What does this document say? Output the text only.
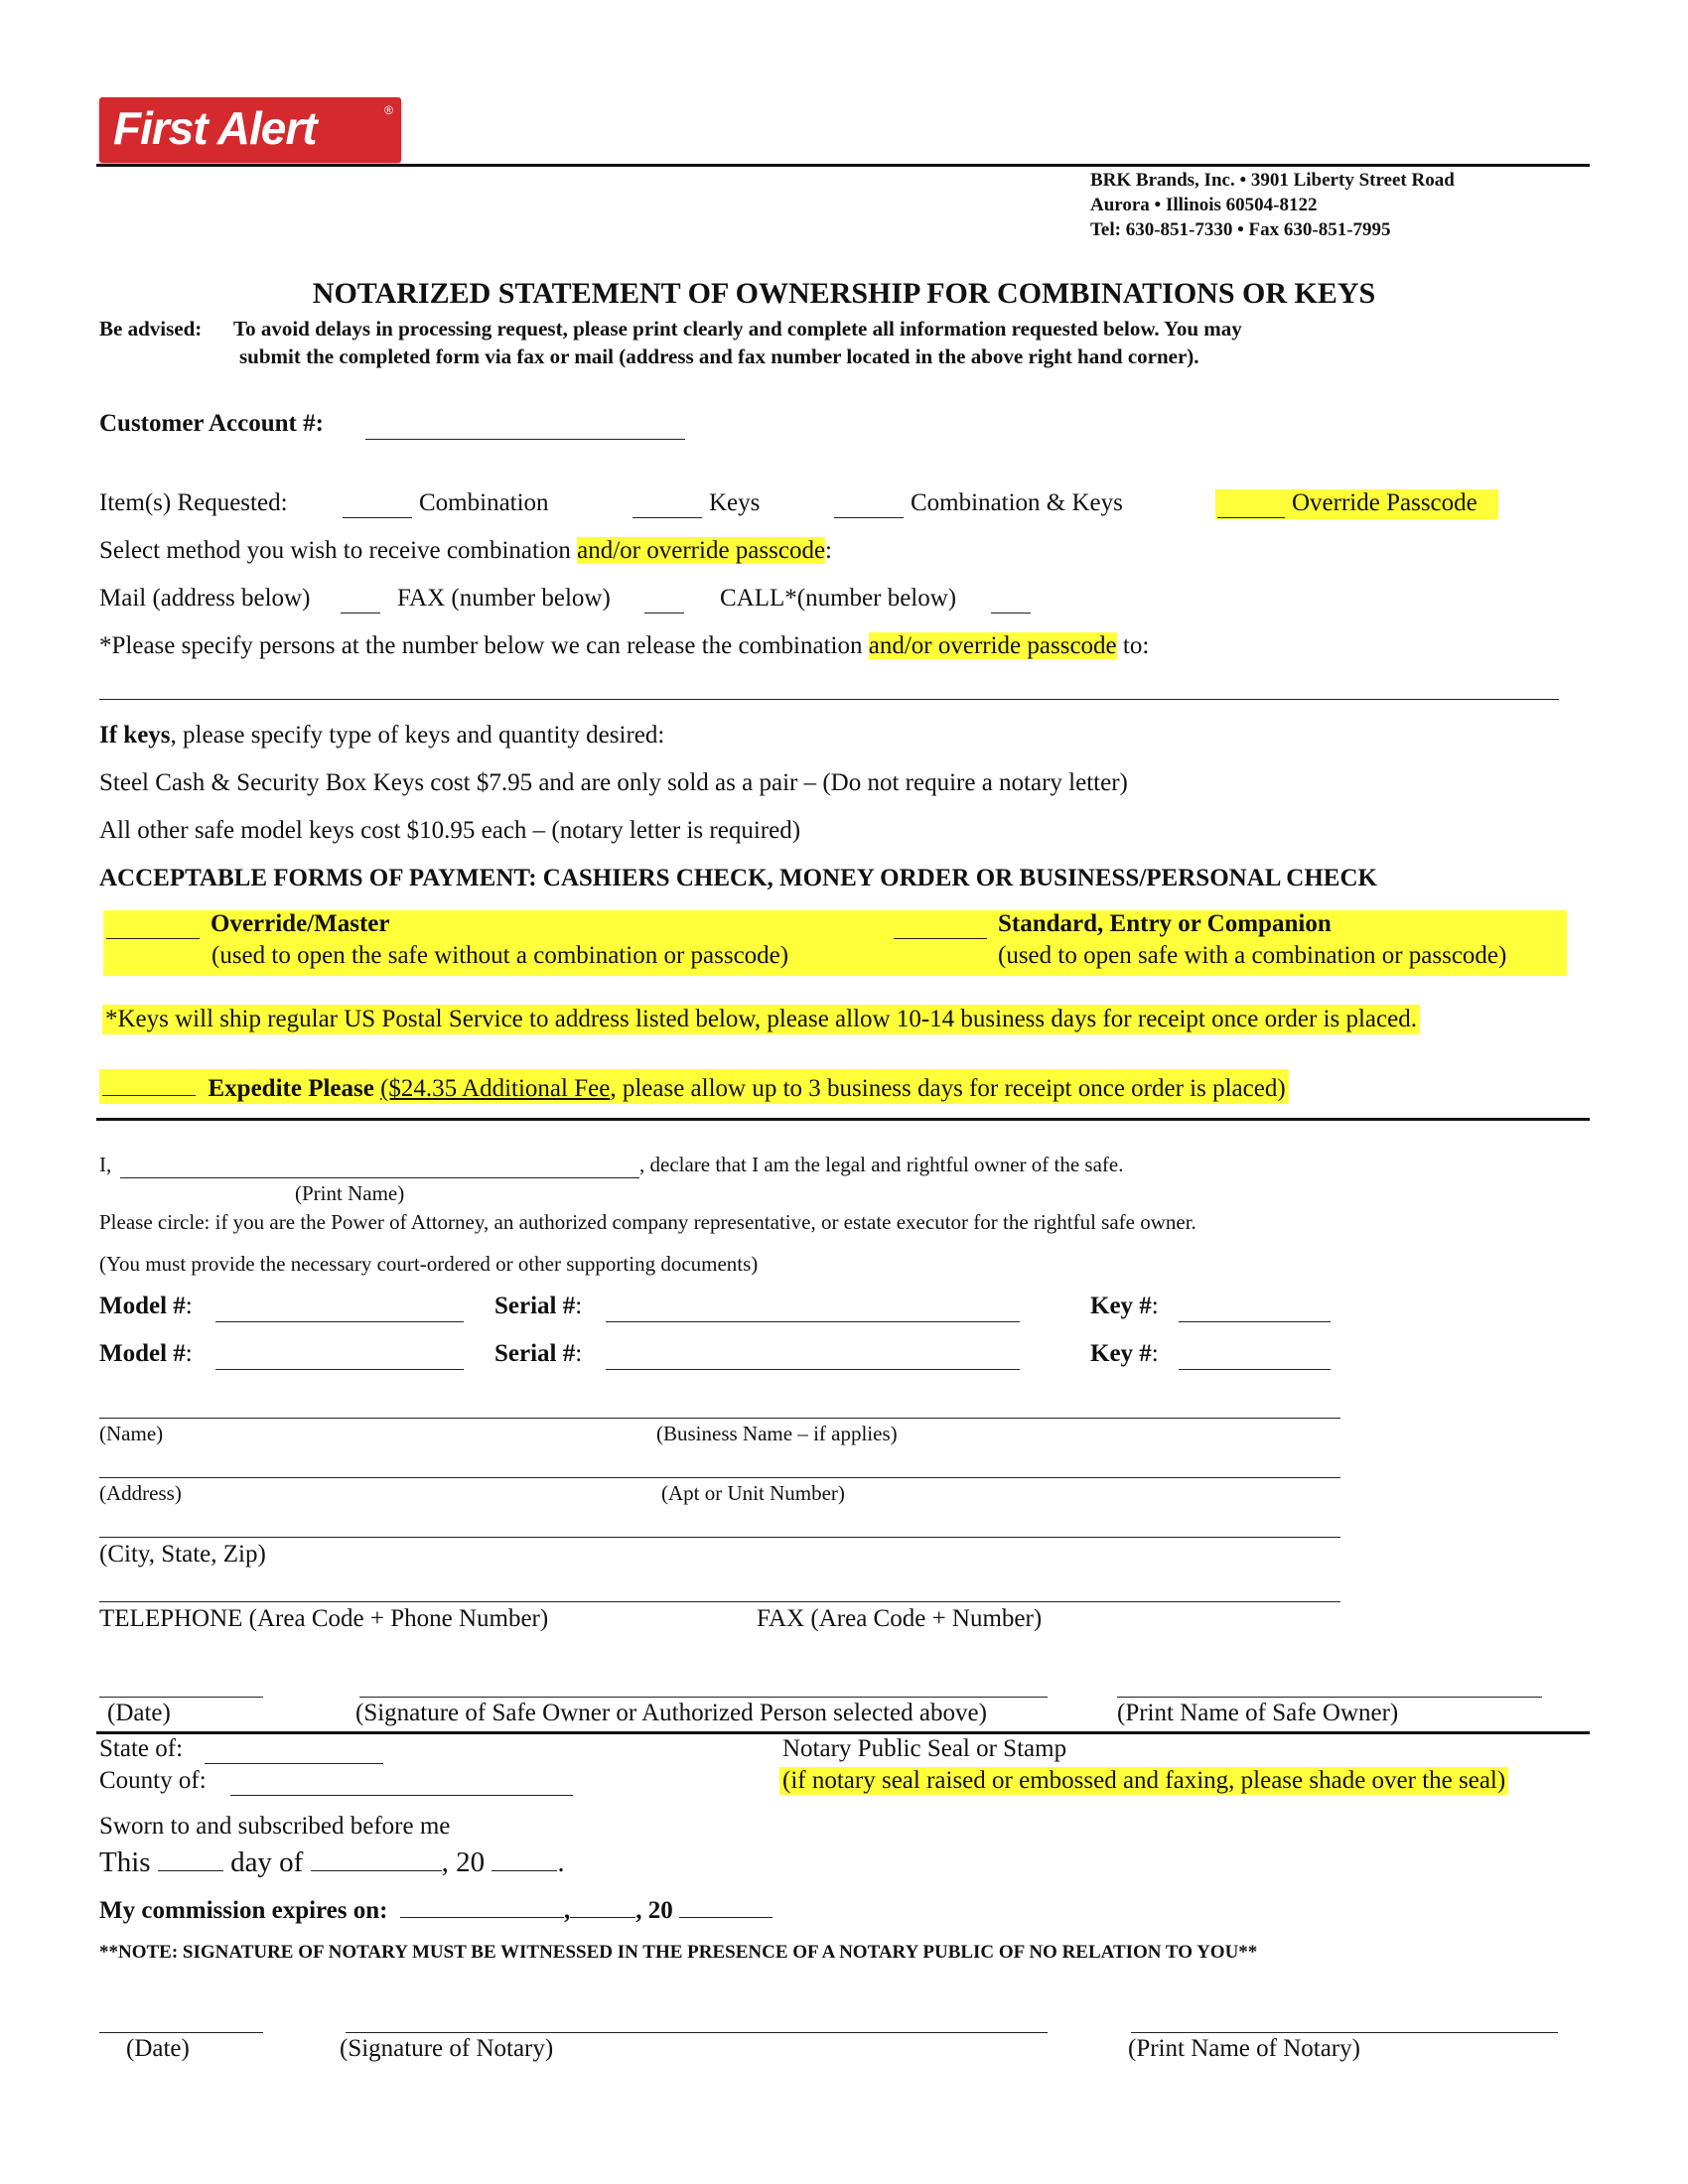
First Alert	®
BRK Brands, Inc. • 3901 Liberty Street Road
Aurora • Illinois 60504-8122
Tel: 630-851-7330 • Fax 630-851-7995
NOTARIZED STATEMENT OF OWNERSHIP FOR COMBINATIONS OR KEYS
Be advised: To avoid delays in processing request, please print clearly and complete all information requested below. You may
submit the completed form via fax or mail (address and fax number located in the above right hand corner).
Customer Account #:
Item(s) Requested:	Combination	Keys	Combination & Keys	Override Passcode
Select method you wish to receive combination and/or override passcode:
Mail (address below)	FAX (number below)	CALL*(number below)
*Please specify persons at the number below we can release the combination and/or override passcode to:
If keys, please specify type of keys and quantity desired:
Steel Cash & Security Box Keys cost $7.95 and are only sold as a pair – (Do not require a notary letter)
All other safe model keys cost $10.95 each – (notary letter is required)
ACCEPTABLE FORMS OF PAYMENT: CASHIERS CHECK, MONEY ORDER OR BUSINESS/PERSONAL CHECK
Override/Master
(used to open the safe without a combination or passcode)
Standard, Entry or Companion
(used to open safe with a combination or passcode)
*Keys will ship regular US Postal Service to address listed below, please allow 10-14 business days for receipt once order is placed.
Expedite Please ($24.35 Additional Fee, please allow up to 3 business days for receipt once order is placed)
I,	, declare that I am the legal and rightful owner of the safe.
(Print Name)
Please circle: if you are the Power of Attorney, an authorized company representative, or estate executor for the rightful safe owner.
(You must provide the necessary court-ordered or other supporting documents)
Model #:	Serial #:	Key #:
Model #:	Serial #:	Key #:
(Name)	(Business Name – if applies)
(Address)	(Apt or Unit Number)
(City, State, Zip)
TELEPHONE (Area Code + Phone Number)	FAX (Area Code + Number)
(Date)	(Signature of Safe Owner or Authorized Person selected above)	(Print Name of Safe Owner)
State of:
County of:
Notary Public Seal or Stamp
(if notary seal raised or embossed and faxing, please shade over the seal)
Sworn to and subscribed before me
This	day of	, 20	.
My commission expires on:	,	, 20
**NOTE: SIGNATURE OF NOTARY MUST BE WITNESSED IN THE PRESENCE OF A NOTARY PUBLIC OF NO RELATION TO YOU**
(Date)	(Signature of Notary)	(Print Name of Notary)
